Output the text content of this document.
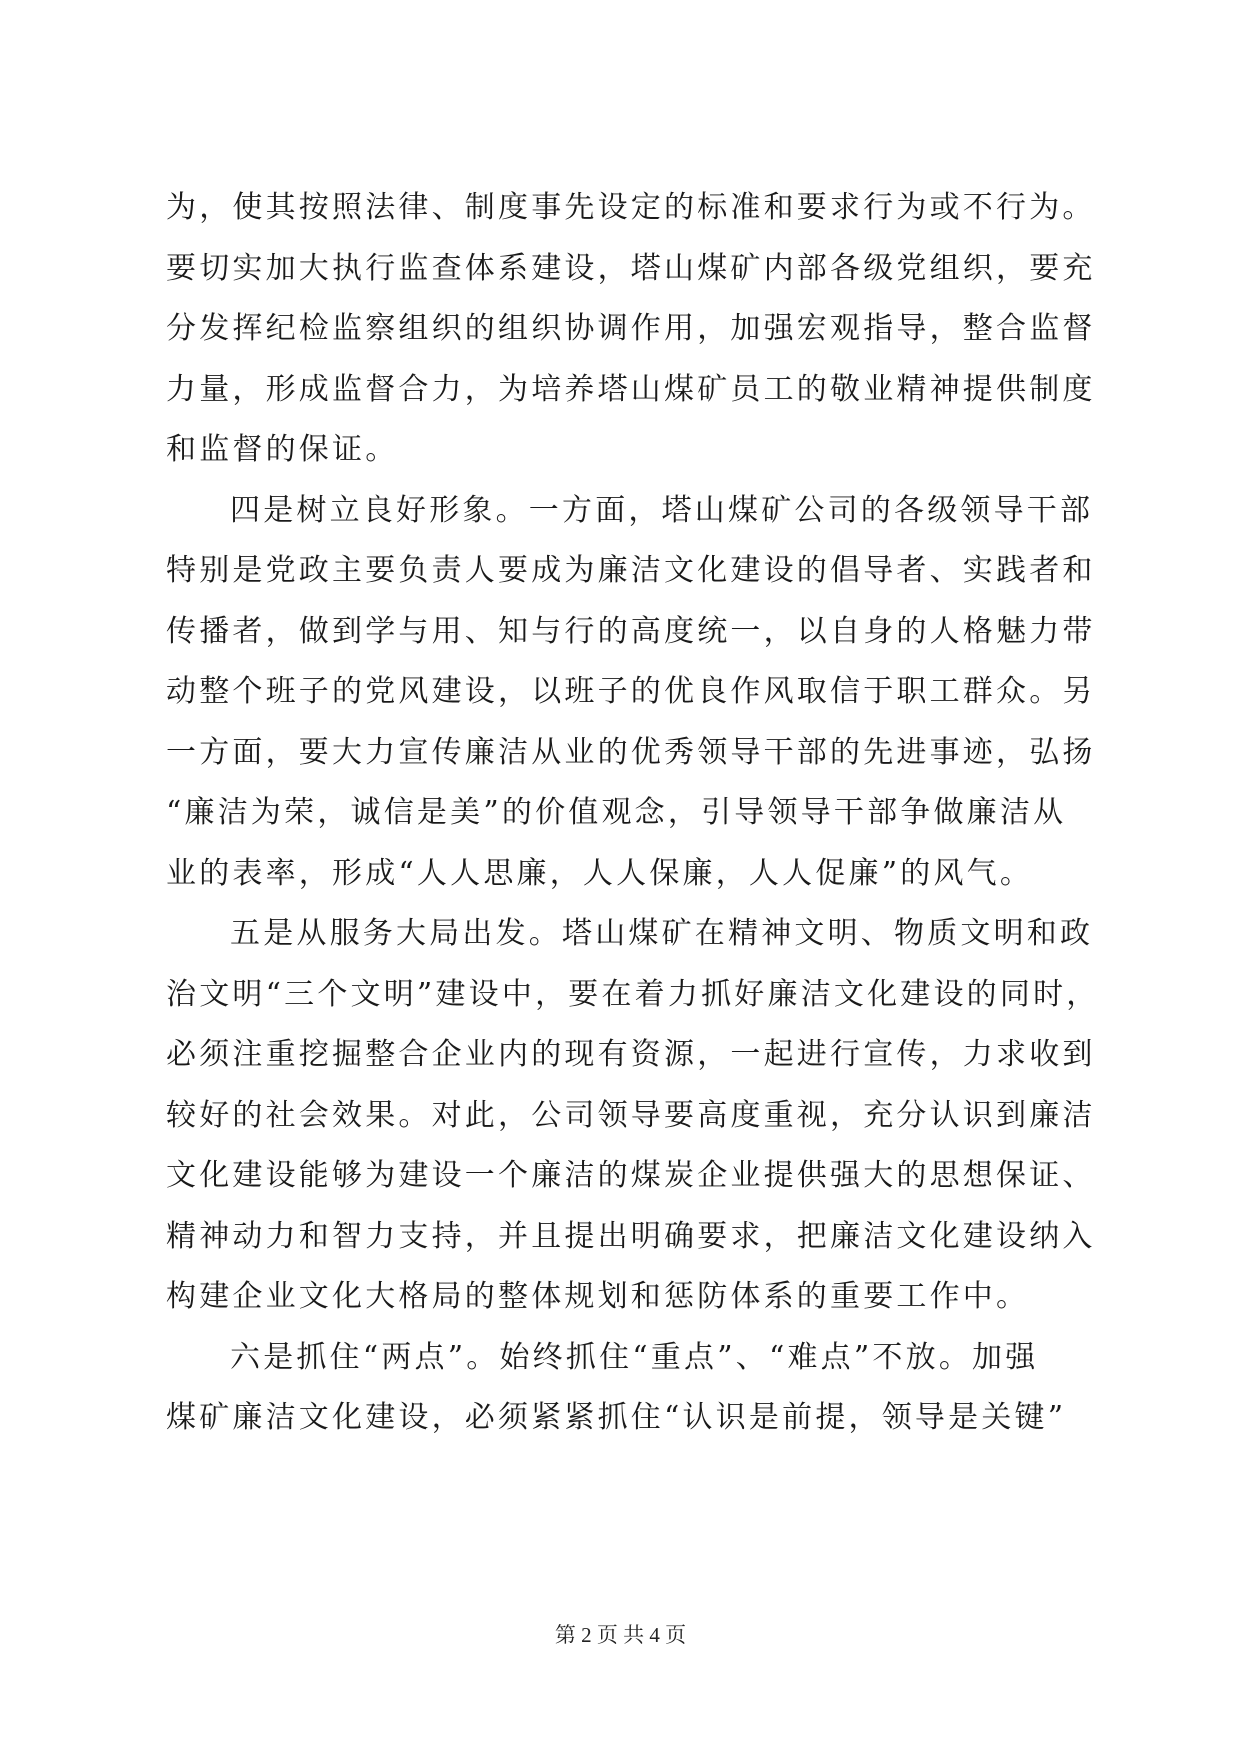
为，使其按照法律、制度事先设定的标准和要求行为或不行为。
要切实加大执行监查体系建设，塔山煤矿内部各级党组织，要充
分发挥纪检监察组织的组织协调作用，加强宏观指导，整合监督
力量，形成监督合力，为培养塔山煤矿员工的敬业精神提供制度
和监督的保证。
四是树立良好形象。一方面，塔山煤矿公司的各级领导干部
特别是党政主要负责人要成为廉洁文化建设的倡导者、实践者和
传播者，做到学与用、知与行的高度统一，以自身的人格魅力带
动整个班子的党风建设，以班子的优良作风取信于职工群众。另
一方面，要大力宣传廉洁从业的优秀领导干部的先进事迹，弘扬
“廉洁为荣，诚信是美”的价值观念，引导领导干部争做廉洁从
业的表率，形成“人人思廉，人人保廉，人人促廉”的风气。
五是从服务大局出发。塔山煤矿在精神文明、物质文明和政
治文明“三个文明”建设中，要在着力抓好廉洁文化建设的同时，
必须注重挖掘整合企业内的现有资源，一起进行宣传，力求收到
较好的社会效果。对此，公司领导要高度重视，充分认识到廉洁
文化建设能够为建设一个廉洁的煤炭企业提供强大的思想保证、
精神动力和智力支持，并且提出明确要求，把廉洁文化建设纳入
构建企业文化大格局的整体规划和惩防体系的重要工作中。
六是抓住“两点”。始终抓住“重点”、“难点”不放。加强
煤矿廉洁文化建设，必须紧紧抓住“认识是前提，领导是关键”
第 2 页 共 4 页
